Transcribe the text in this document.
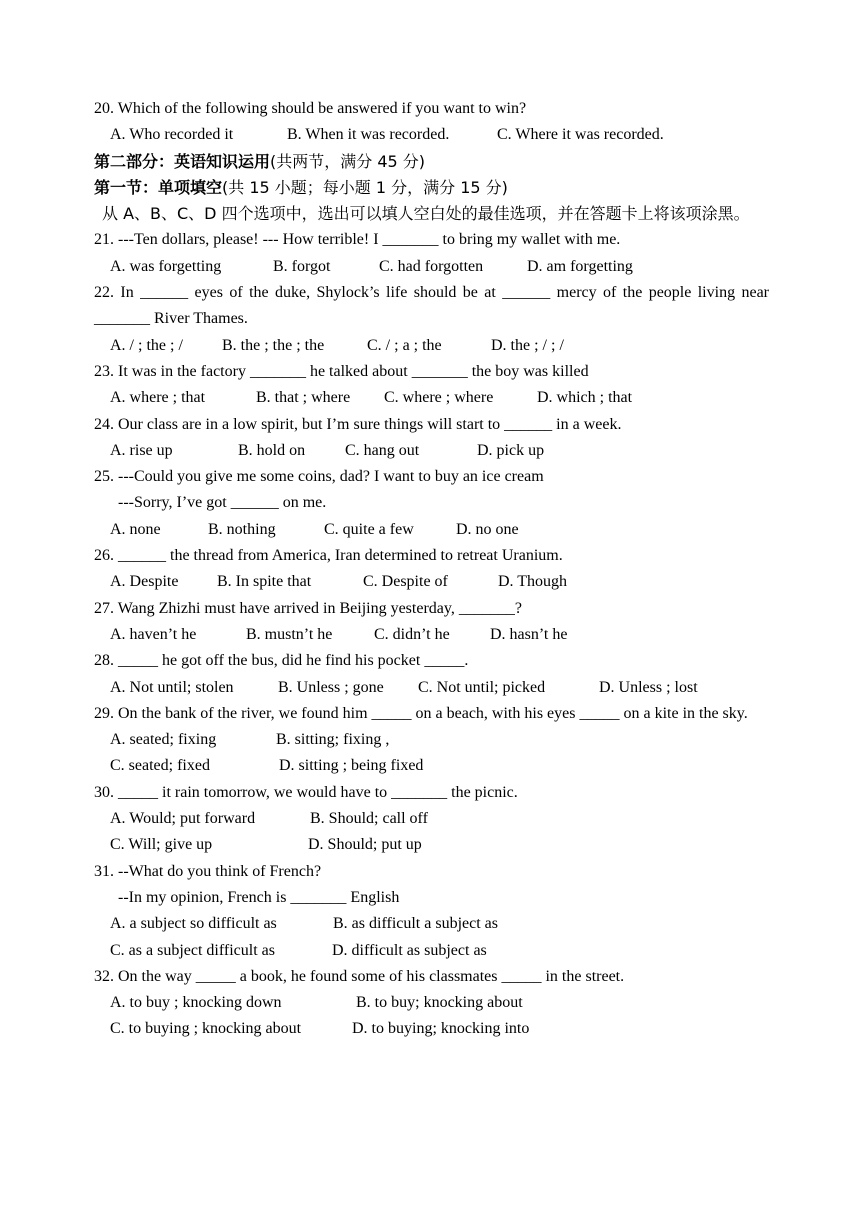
20. Which of the following should be answered if you want to win?
A. Who recorded it	B. When it was recorded.	C. Where it was recorded.
第二部分：英语知识运用(共两节，满分 45 分)
第一节：单项填空(共 15 小题；每小题 1 分，满分 15 分)
从 A、B、C、D 四个选项中，选出可以填人空白处的最佳选项，并在答题卡上将该项涂黑。
21. ---Ten dollars, please! --- How terrible! I _______ to bring my wallet with me.
A. was forgetting	B. forgot	C. had forgotten	D. am forgetting
22. In ______ eyes of the duke, Shylock’s life should be at ______ mercy of the people living near _______ River Thames.
A. / ; the ; /	B. the ; the ; the	C. / ; a ; the	D. the ; / ; /
23. It was in the factory _______ he talked about _______ the boy was killed
A. where ; that	B. that ; where	C. where ; where	D. which ; that
24. Our class are in a low spirit, but I’m sure things will start to ______ in a week.
A. rise up	B. hold on	C. hang out	D. pick up
25. ---Could you give me some coins, dad? I want to buy an ice cream
---Sorry, I’ve got ______ on me.
A. none	B. nothing	C. quite a few	D. no one
26. ______ the thread from America, Iran determined to retreat Uranium.
A. Despite	B. In spite that	C. Despite of	D. Though
27. Wang Zhizhi must have arrived in Beijing yesterday, _______?
A. haven’t he	B. mustn’t he	C. didn’t he	D. hasn’t he
28. _____ he got off the bus, did he find his pocket _____.
A. Not until; stolen	B. Unless ; gone	C. Not until; picked	D. Unless ; lost
29. On the bank of the river, we found him _____ on a beach, with his eyes _____ on a kite in the sky.
A. seated; fixing	B. sitting; fixing ,
C. seated; fixed	D. sitting ; being fixed
30. _____ it rain tomorrow, we would have to _______ the picnic.
A. Would; put forward	B. Should; call off
C. Will; give up	D. Should; put up
31. --What do you think of French?
--In my opinion, French is _______ English
A. a subject so difficult as	B. as difficult a subject as
C. as a subject difficult as	D. difficult as subject as
32. On the way _____ a book, he found some of his classmates _____ in the street.
A. to buy ; knocking down	B. to buy; knocking about
C. to buying ; knocking about	D. to buying; knocking into
